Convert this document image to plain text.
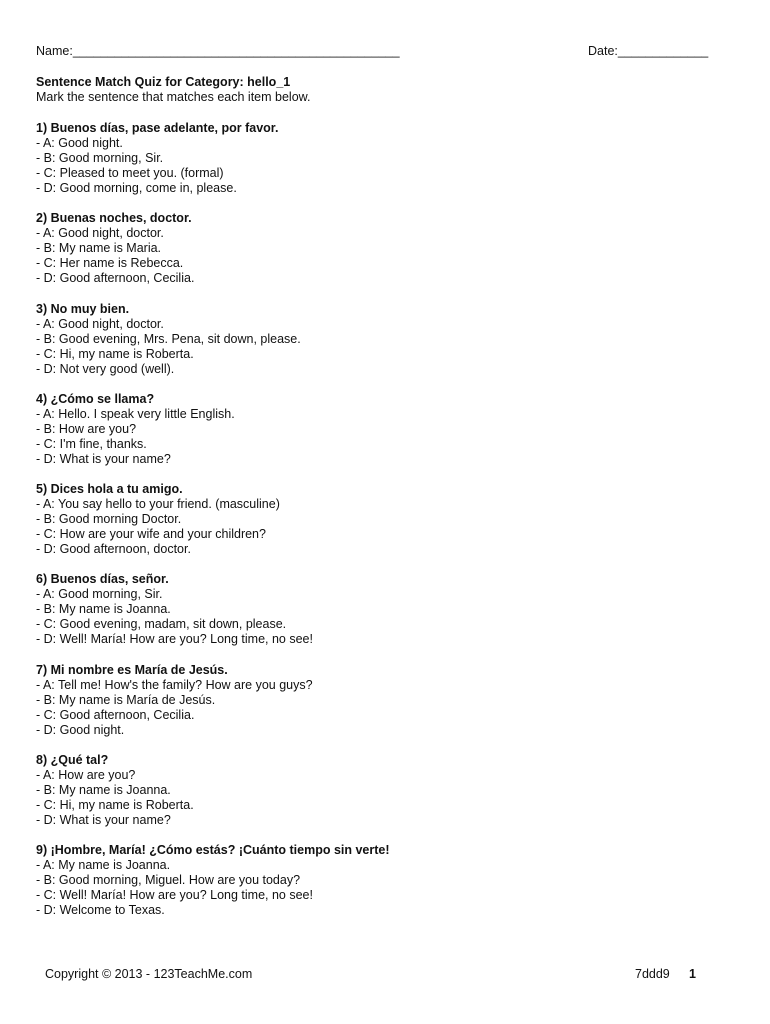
Name:_______________________________________________	Date:_____________
Sentence Match Quiz for Category: hello_1
Mark the sentence that matches each item below.
1) Buenos días, pase adelante, por favor.
- A: Good night.
- B: Good morning, Sir.
- C: Pleased to meet you. (formal)
- D: Good morning, come in, please.
2) Buenas noches, doctor.
- A: Good night, doctor.
- B: My name is Maria.
- C: Her name is Rebecca.
- D: Good afternoon, Cecilia.
3) No muy bien.
- A: Good night, doctor.
- B: Good evening, Mrs. Pena, sit down, please.
- C: Hi, my name is Roberta.
- D: Not very good (well).
4) ¿Cómo se llama?
- A: Hello. I speak very little English.
- B: How are you?
- C: I'm fine, thanks.
- D: What is your name?
5) Dices hola a tu amigo.
- A: You say hello to your friend. (masculine)
- B: Good morning Doctor.
- C: How are your wife and your children?
- D: Good afternoon, doctor.
6) Buenos días, señor.
- A: Good morning, Sir.
- B: My name is Joanna.
- C: Good evening, madam, sit down, please.
- D: Well! María! How are you? Long time, no see!
7) Mi nombre es María de Jesús.
- A: Tell me! How's the family? How are you guys?
- B: My name is María de Jesús.
- C: Good afternoon, Cecilia.
- D: Good night.
8) ¿Qué tal?
- A: How are you?
- B: My name is Joanna.
- C: Hi, my name is Roberta.
- D: What is your name?
9) ¡Hombre, María! ¿Cómo estás? ¡Cuánto tiempo sin verte!
- A: My name is Joanna.
- B: Good morning, Miguel. How are you today?
- C: Well! María! How are you? Long time, no see!
- D: Welcome to Texas.
Copyright © 2013 - 123TeachMe.com	7ddd9 1
